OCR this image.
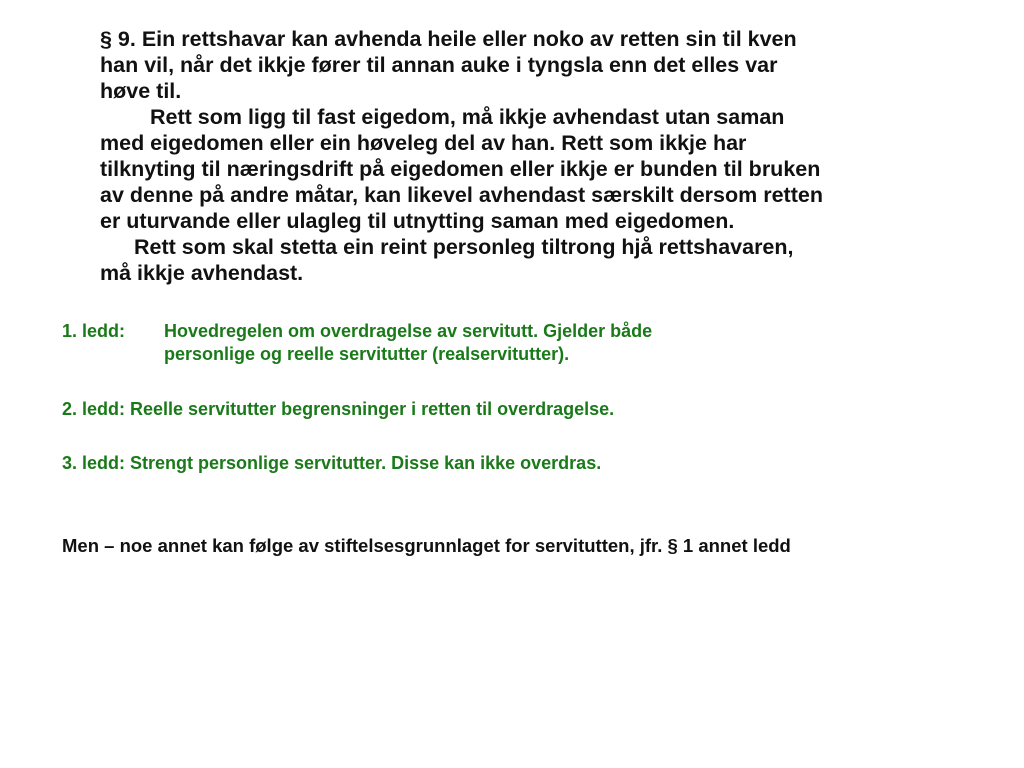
§ 9. Ein rettshavar kan avhenda heile eller noko av retten sin til kven
han vil, når det ikkje fører til annan auke i tyngsla enn det elles var
høve til.

Rett som ligg til fast eigedom, må ikkje avhendast utan saman
med eigedomen eller ein høveleg del av han. Rett som ikkje har
tilknyting til næringsdrift på eigedomen eller ikkje er bunden til bruken
av denne på andre måtar, kan likevel avhendast særskilt dersom retten
er uturvande eller ulagleg til utnytting saman med eigedomen.

Rett som skal stetta ein reint personleg tiltrong hjå rettshavaren,
må ikkje avhendast.

1. ledd: Hovedregelen om overdragelse av servitutt. Gjelder både
personlige og reelle servitutter (realservitutter).
2. ledd: Reelle servitutter begrensninger i retten til overdragelse.
3. ledd: Strengt personlige servitutter. Disse kan ikke overdras.
Men – noe annet kan følge av stiftelsesgrunnlaget for servitutten, jfr. § 1 annet ledd
